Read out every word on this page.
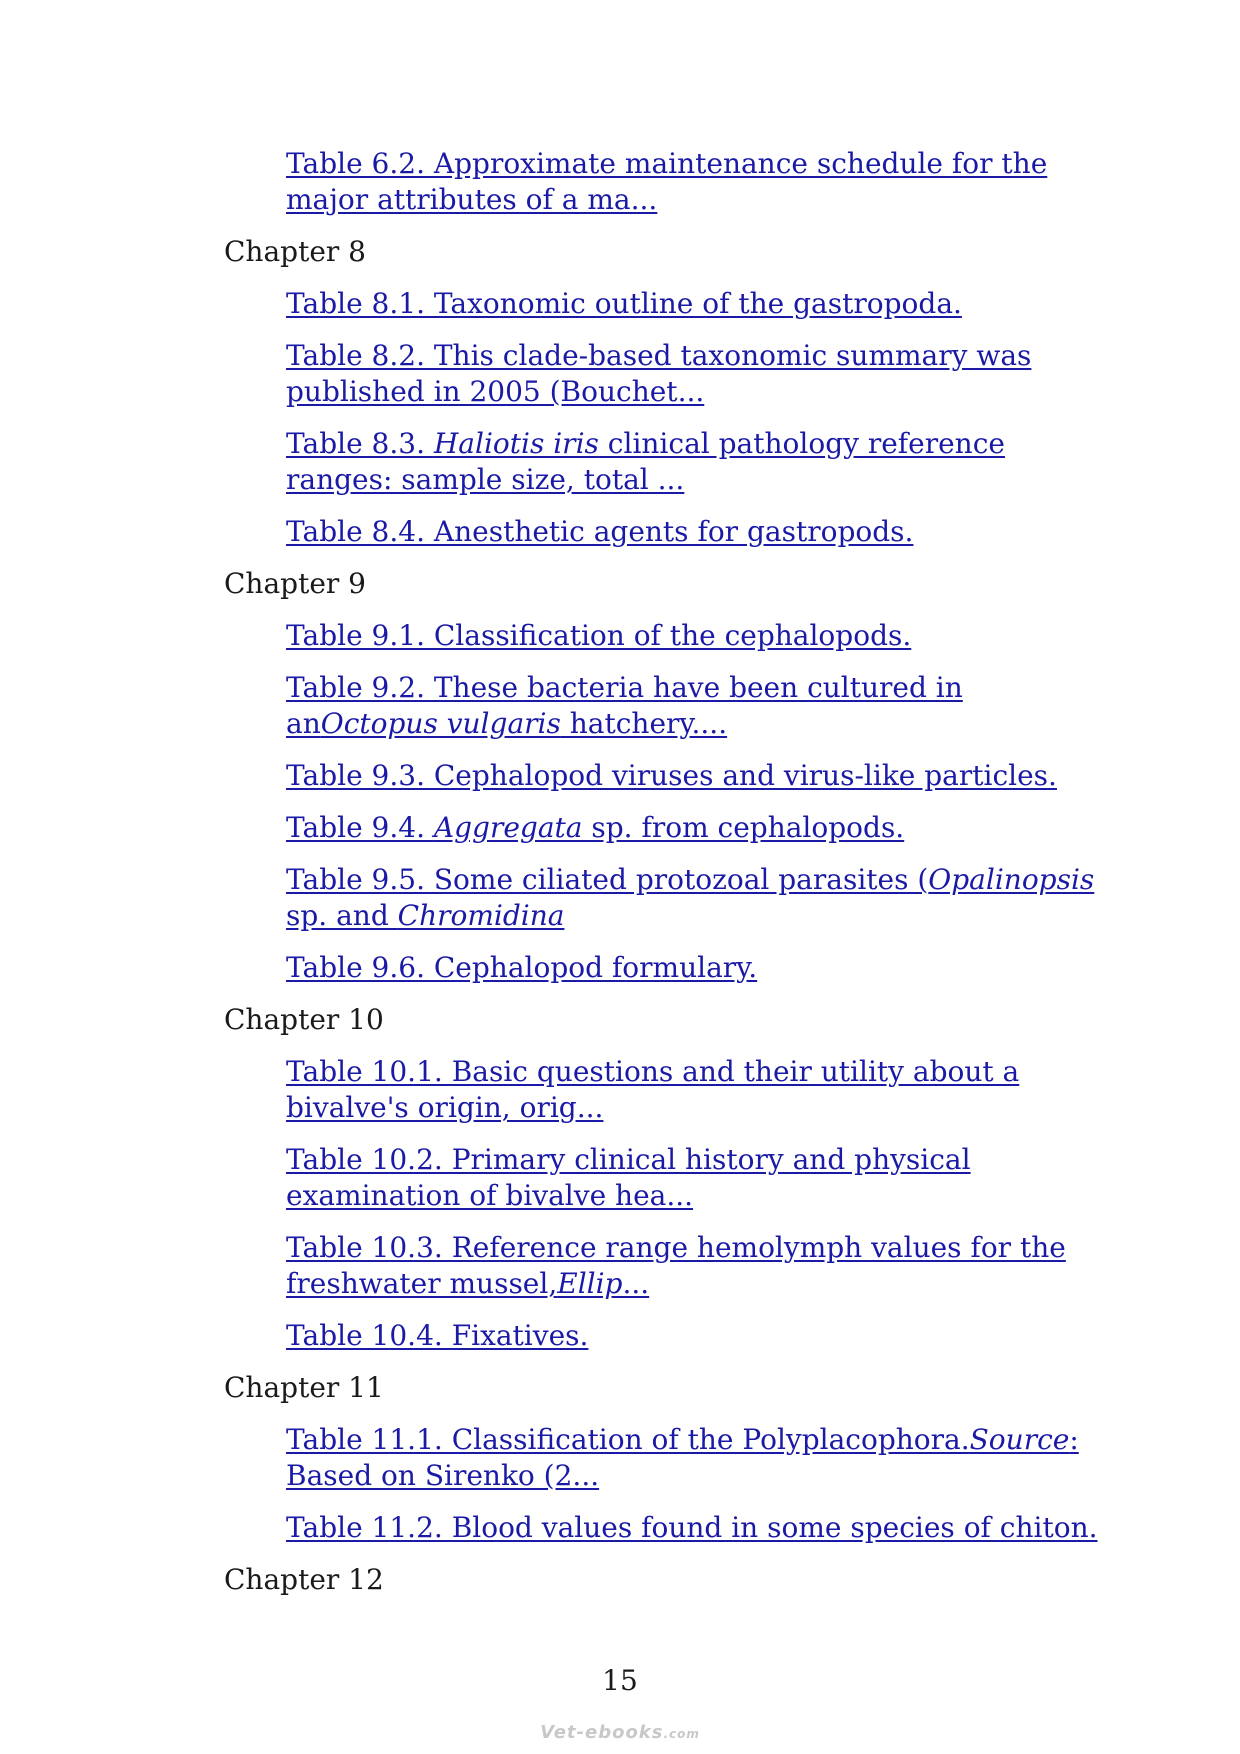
Table 6.2. Approximate maintenance schedule for the major attributes of a ma...
Chapter 8
Table 8.1. Taxonomic outline of the gastropoda.
Table 8.2. This clade-based taxonomic summary was published in 2005 (Bouchet...
Table 8.3. Haliotis iris clinical pathology reference ranges: sample size, total ...
Table 8.4. Anesthetic agents for gastropods.
Chapter 9
Table 9.1. Classification of the cephalopods.
Table 9.2. These bacteria have been cultured in anOctopus vulgaris hatchery....
Table 9.3. Cephalopod viruses and virus-like particles.
Table 9.4. Aggregata sp. from cephalopods.
Table 9.5. Some ciliated protozoal parasites (Opalinopsis sp. and Chromidina
Table 9.6. Cephalopod formulary.
Chapter 10
Table 10.1. Basic questions and their utility about a bivalve's origin, orig...
Table 10.2. Primary clinical history and physical examination of bivalve hea...
Table 10.3. Reference range hemolymph values for the freshwater mussel,Ellip...
Table 10.4. Fixatives.
Chapter 11
Table 11.1. Classification of the Polyplacophora.Source: Based on Sirenko (2...
Table 11.2. Blood values found in some species of chiton.
Chapter 12
15
Vet-ebooks.com
